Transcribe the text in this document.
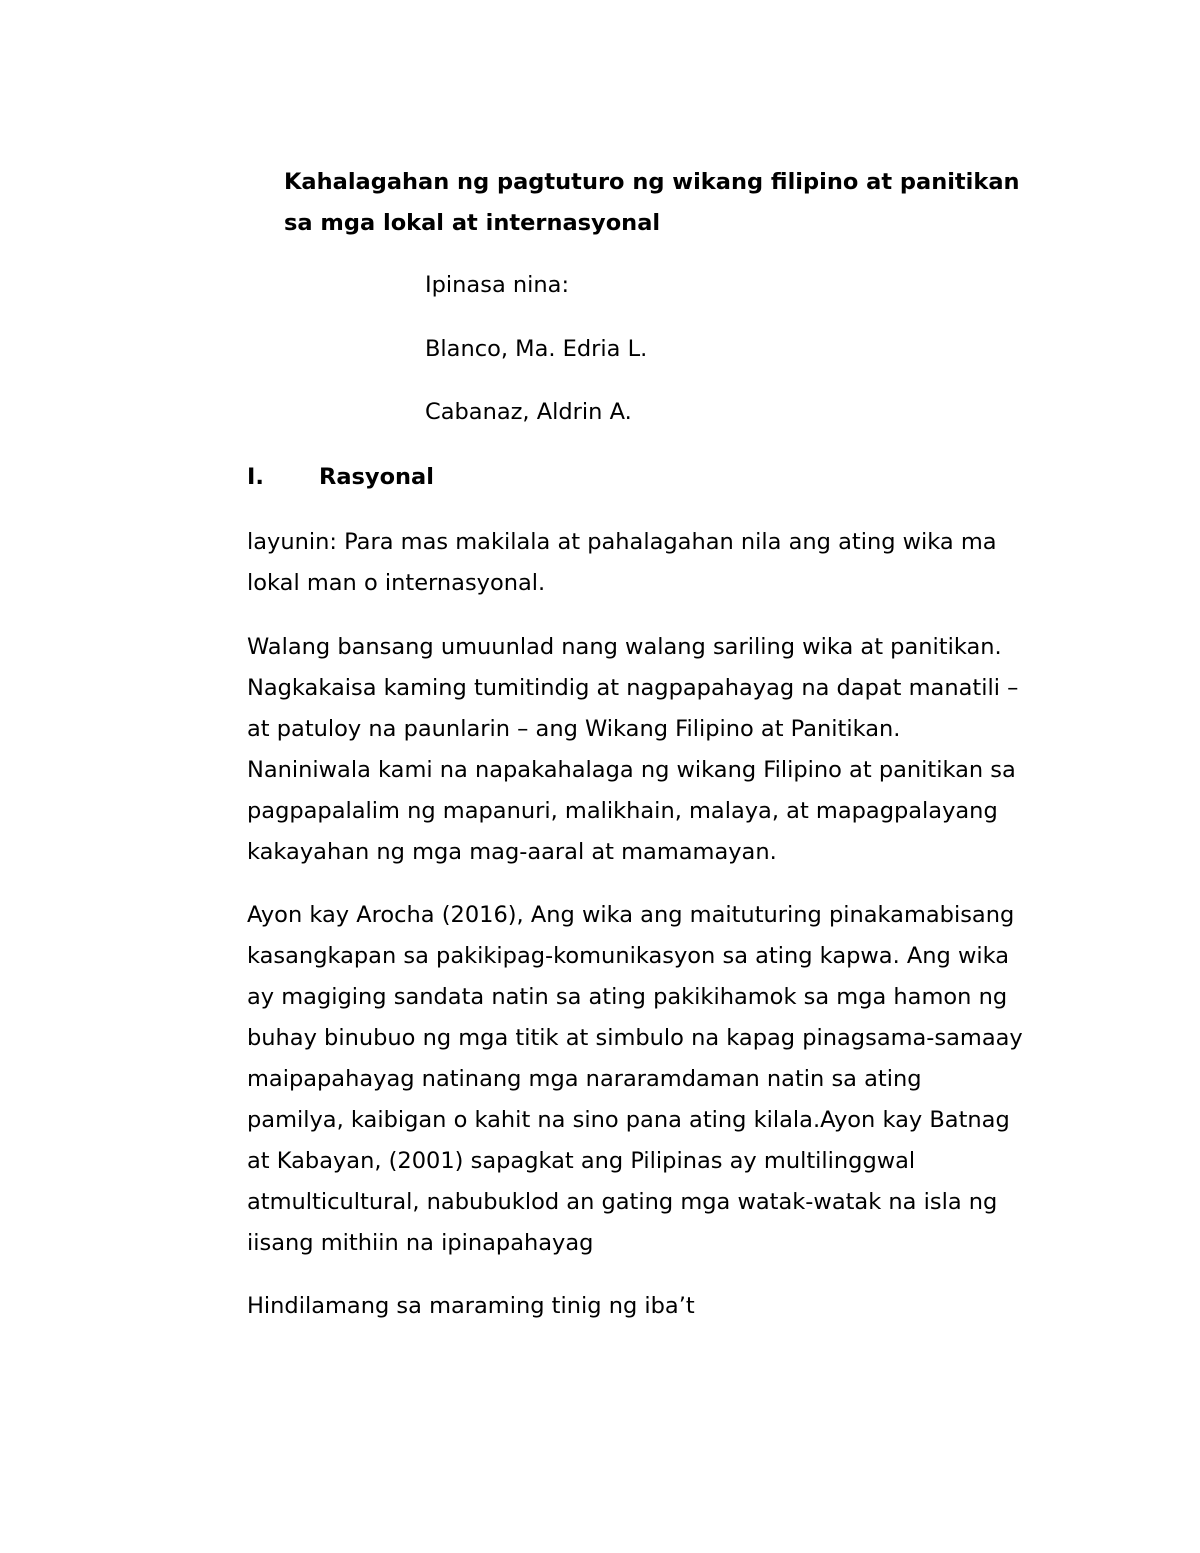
Kahalagahan ng pagtuturo ng wikang filipino at panitikan
sa mga lokal at internasyonal

Ipinasa nina:

Blanco, Ma. Edria L.

Cabanaz, Aldrin A.

I. Rasyonal

layunin: Para mas makilala at pahalagahan nila ang ating wika ma
lokal man o internasyonal.

Walang bansang umuunlad nang walang sariling wika at panitikan.
Nagkakaisa kaming tumitindig at nagpapahayag na dapat manatili –
at patuloy na paunlarin – ang Wikang Filipino at Panitikan.
Naniniwala kami na napakahalaga ng wikang Filipino at panitikan sa
pagpapalalim ng mapanuri, malikhain, malaya, at mapagpalayang
kakayahan ng mga mag-aaral at mamamayan.

Ayon kay Arocha (2016), Ang wika ang maituturing pinakamabisang
kasangkapan sa pakikipag-komunikasyon sa ating kapwa. Ang wika
ay magiging sandata natin sa ating pakikihamok sa mga hamon ng
buhay binubuo ng mga titik at simbulo na kapag pinagsama-samaay
maipapahayag natinang mga nararamdaman natin sa ating
pamilya, kaibigan o kahit na sino pana ating kilala.Ayon kay Batnag
at Kabayan, (2001) sapagkat ang Pilipinas ay multilinggwal
atmulticultural, nabubuklod an gating mga watak-watak na isla ng
iisang mithiin na ipinapahayag

Hindilamang sa maraming tinig ng iba’t
